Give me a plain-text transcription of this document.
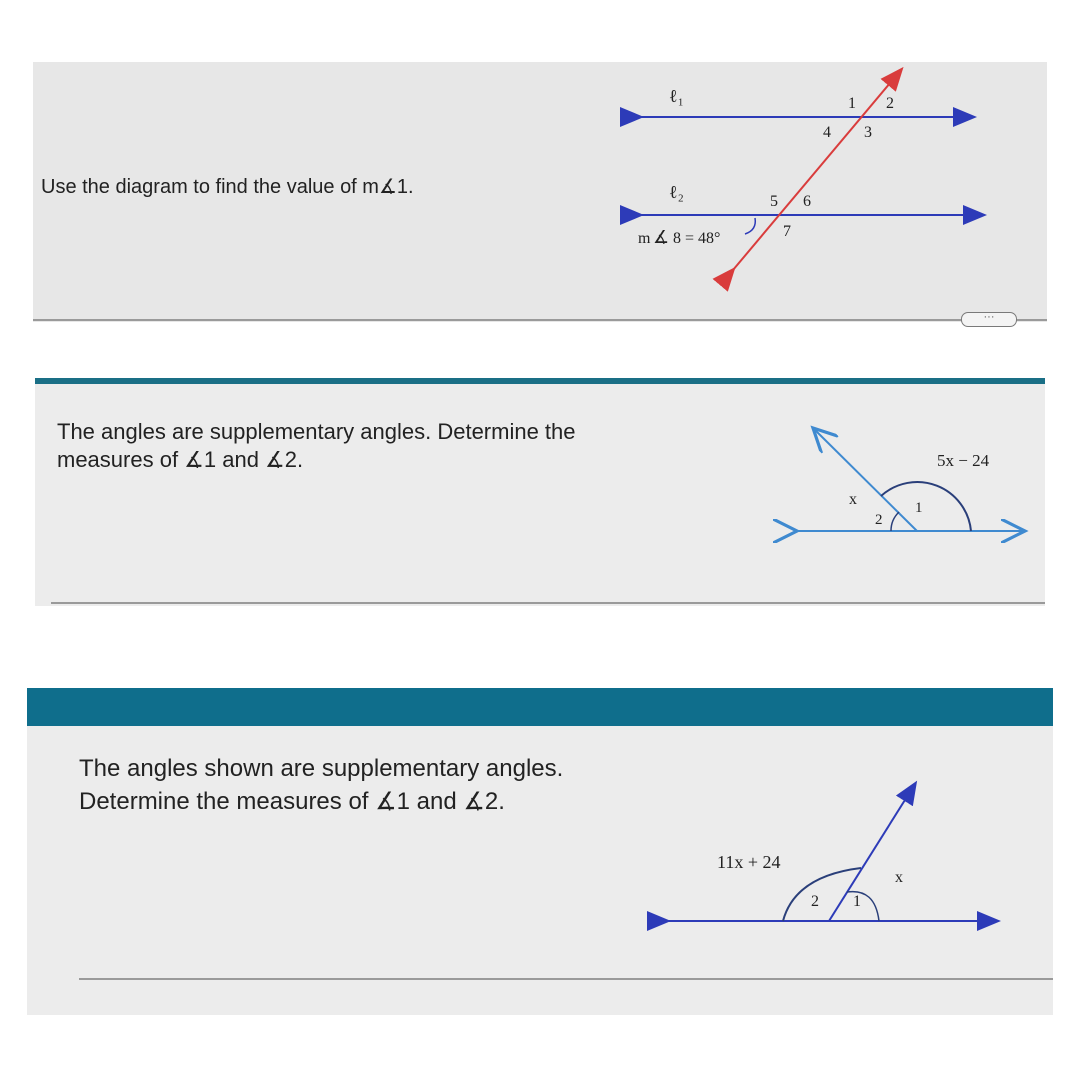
Use the diagram to find the value of m∡1.
ℓ₁
ℓ₂
1 2
3
4
5 6
7
m ∡ 8 = 48°
···
The angles are supplementary angles. Determine the measures of ∡1 and ∡2.	5x − 24
x	1
2
The angles shown are supplementary angles. Determine the measures of ∡1 and ∡2.
11x + 24
x
2 1
